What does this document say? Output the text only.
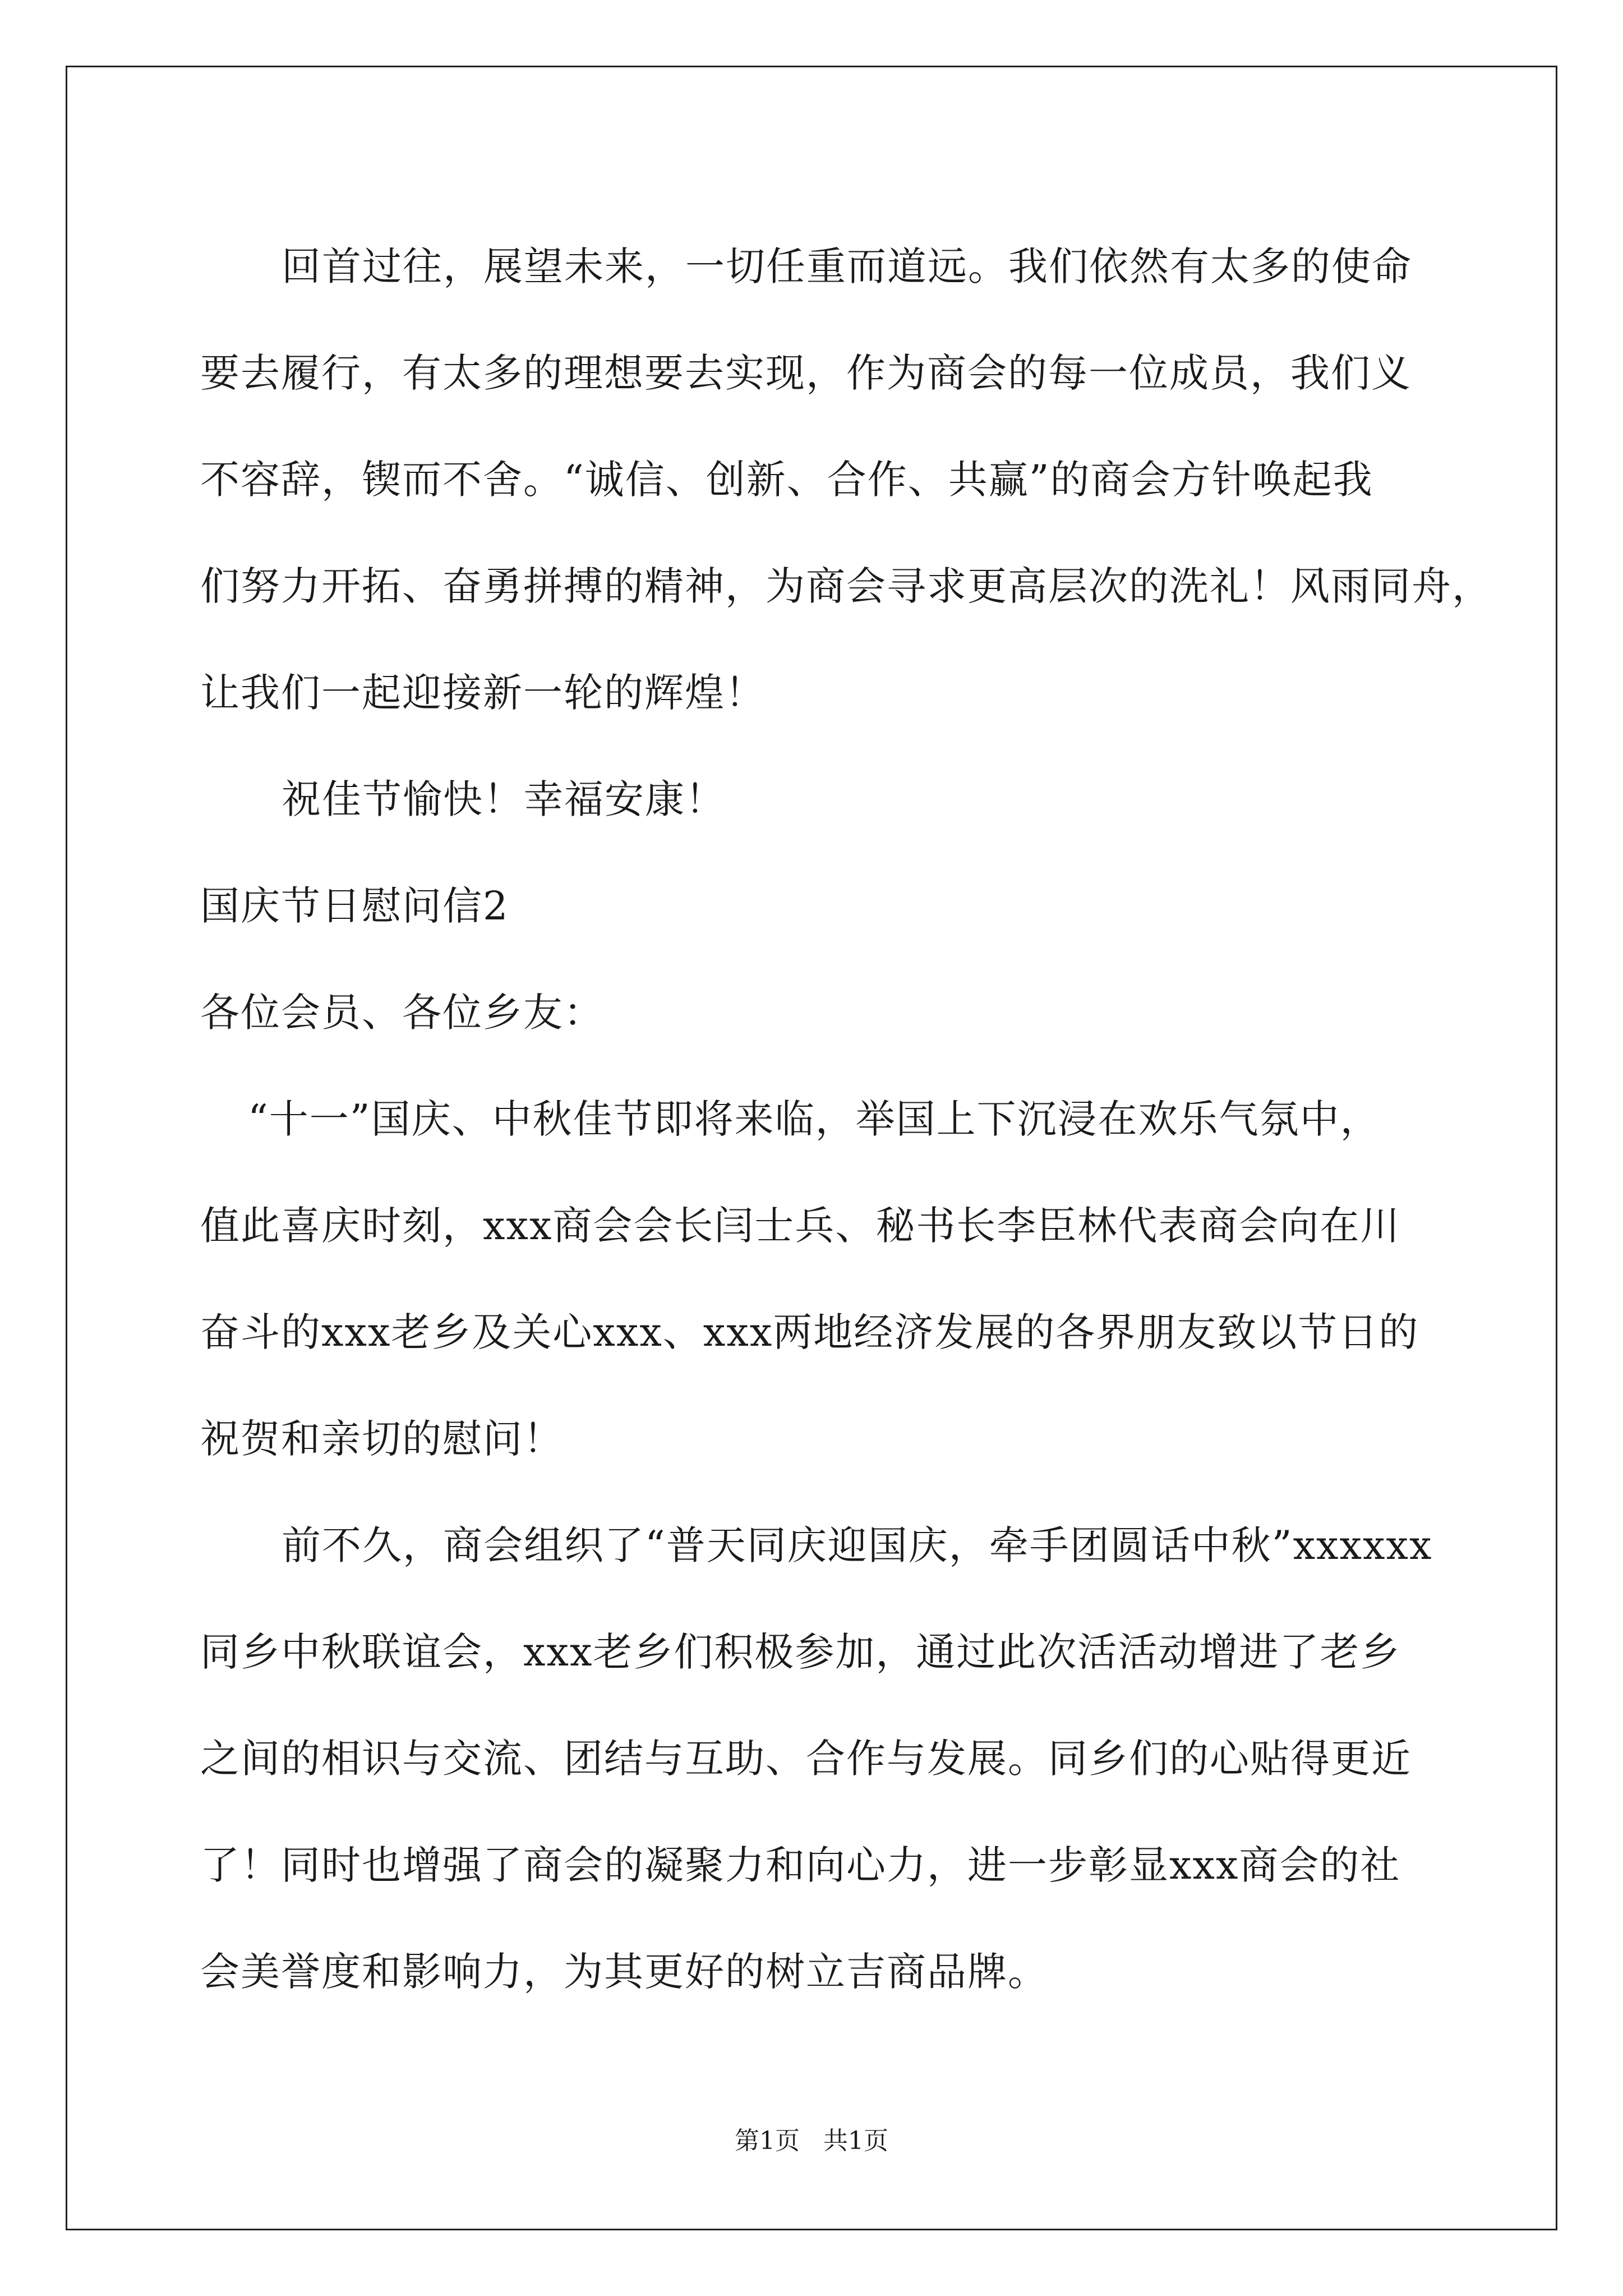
回首过往，展望未来，一切任重而道远。我们依然有太多的使命
要去履行，有太多的理想要去实现，作为商会的每一位成员，我们义
不容辞，锲而不舍。“诚信、创新、合作、共赢”的商会方针唤起我
们努力开拓、奋勇拼搏的精神，为商会寻求更高层次的洗礼！风雨同舟，
让我们一起迎接新一轮的辉煌！
祝佳节愉快！幸福安康！
国庆节日慰问信2
各位会员、各位乡友：
“十一”国庆、中秋佳节即将来临，举国上下沉浸在欢乐气氛中，
值此喜庆时刻，xxx商会会长闫士兵、秘书长李臣林代表商会向在川
奋斗的xxx老乡及关心xxx、xxx两地经济发展的各界朋友致以节日的
祝贺和亲切的慰问！
前不久，商会组织了“普天同庆迎国庆，牵手团圆话中秋”xxxxxx
同乡中秋联谊会，xxx老乡们积极参加，通过此次活活动增进了老乡
之间的相识与交流、团结与互助、合作与发展。同乡们的心贴得更近
了！同时也增强了商会的凝聚力和向心力，进一步彰显xxx商会的社
会美誉度和影响力，为其更好的树立吉商品牌。
第1页   共1页
